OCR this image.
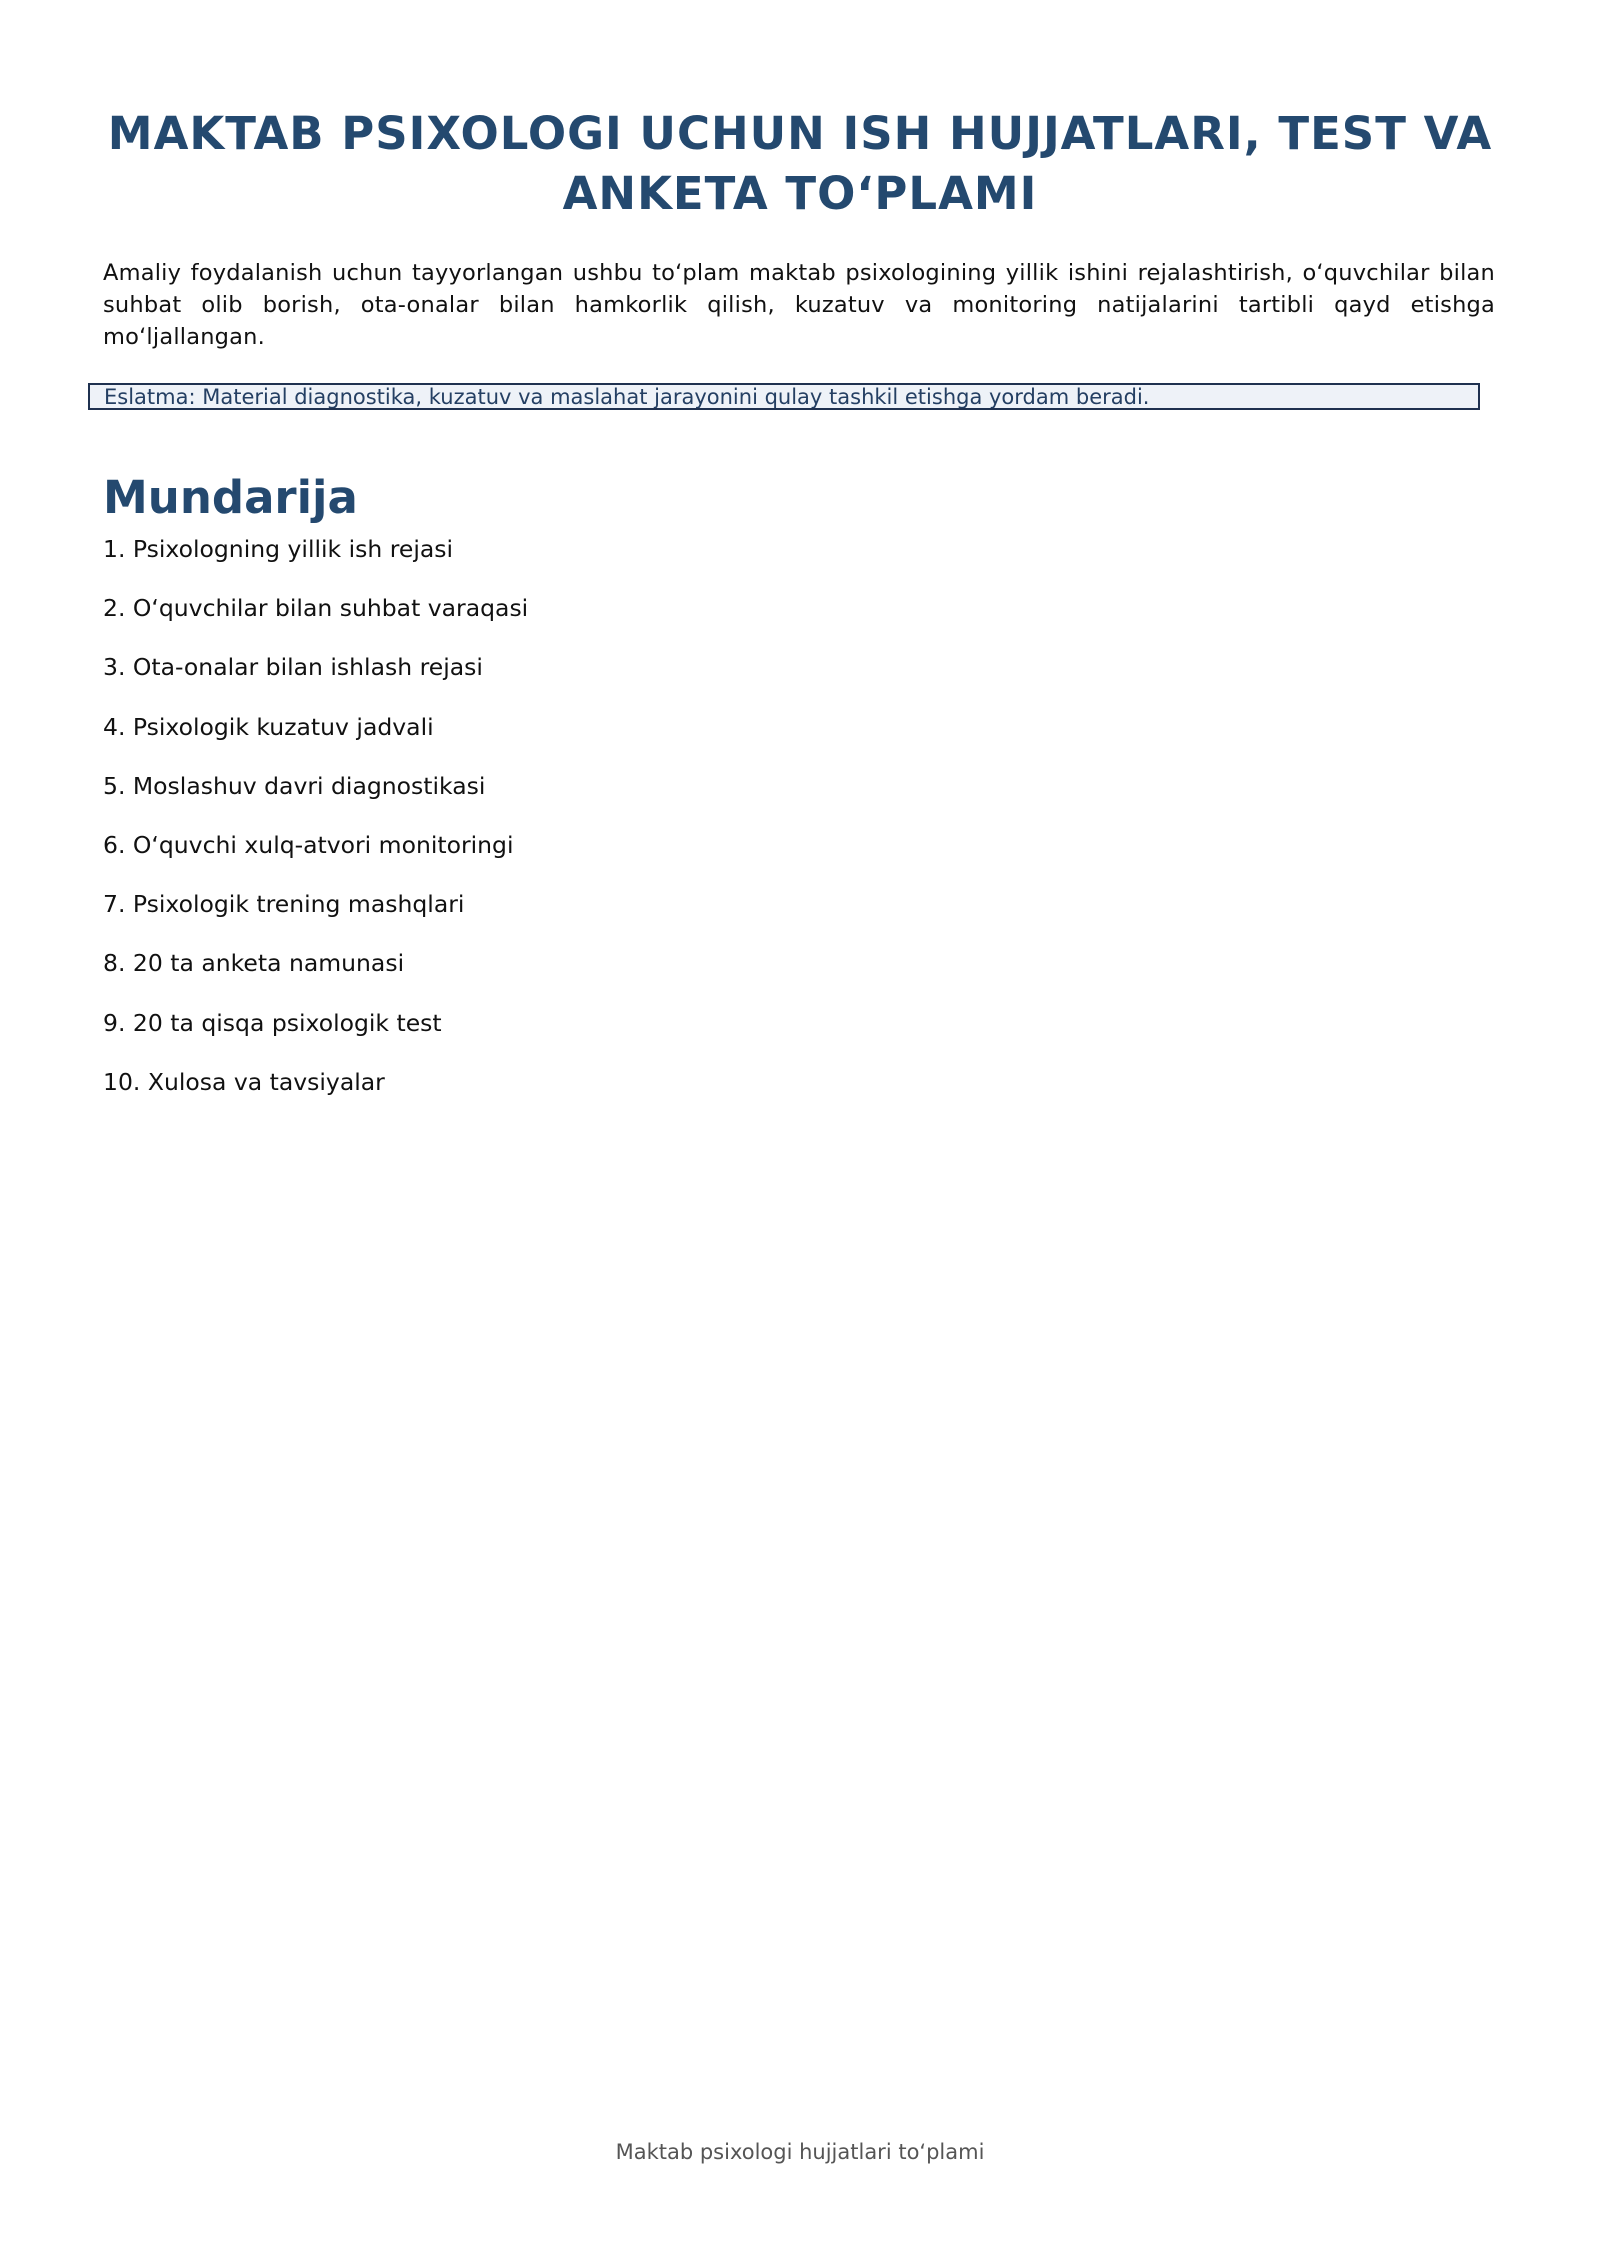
MAKTAB PSIXOLOGI UCHUN ISH HUJJATLARI, TEST VA ANKETA TO‘PLAMI

Amaliy foydalanish uchun tayyorlangan ushbu to‘plam maktab psixologining yillik ishini rejalashtirish, o‘quvchilar bilan suhbat olib borish, ota-onalar bilan hamkorlik qilish, kuzatuv va monitoring natijalarini tartibli qayd etishga mo‘ljallangan.

Eslatma: Material diagnostika, kuzatuv va maslahat jarayonini qulay tashkil etishga yordam beradi.
Mundarija
1. Psixologning yillik ish rejasi
2. O‘quvchilar bilan suhbat varaqasi
3. Ota-onalar bilan ishlash rejasi
4. Psixologik kuzatuv jadvali
5. Moslashuv davri diagnostikasi
6. O‘quvchi xulq-atvori monitoringi
7. Psixologik trening mashqlari
8. 20 ta anketa namunasi
9. 20 ta qisqa psixologik test
10. Xulosa va tavsiyalar
Maktab psixologi hujjatlari to‘plami
